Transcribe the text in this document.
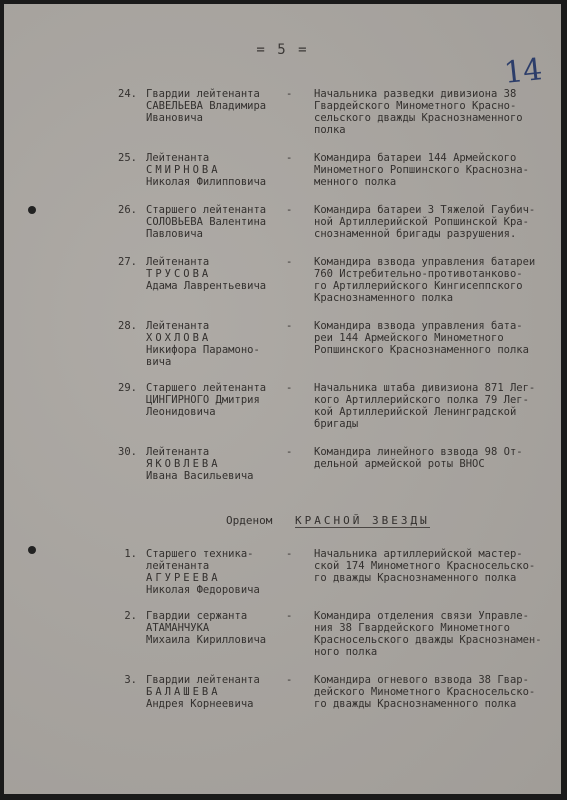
= 5 =
14
24. Гвардии лейтенанта
САВЕЛЬЕВА Владимира
Ивановича
- Начальника разведки дивизиона 38
Гвардейского Минометного Красно-
сельского дважды Краснознаменного
полка
25. Лейтенанта
СМИРНОВА
Николая Филипповича
- Командира батареи 144 Армейского
Минометного Ропшинского Краснозна-
менного полка
26. Старшего лейтенанта
СОЛОВЬЕВА Валентина
Павловича
- Командира батареи 3 Тяжелой Гаубич-
ной Артиллерийской Ропшинской Кра-
снознаменной бригады разрушения.
27. Лейтенанта
ТРУСОВА
Адама Лаврентьевича
- Командира взвода управления батареи
760 Истребительно-противотанково-
го Артиллерийского Кингисеппского
Краснознаменного полка
28. Лейтенанта
ХОХЛОВА
Никифора Парамоно-
вича
- Командира взвода управления бата-
реи 144 Армейского Минометного
Ропшинского Краснознаменного полка
29. Старшего лейтенанта
ЦИНГИРНОГО Дмитрия
Леонидовича
- Начальника штаба дивизиона 871 Лег-
кого Артиллерийского полка 79 Лег-
кой Артиллерийской Ленинградской
бригады
30. Лейтенанта
ЯКОВЛЕВА
Ивана Васильевича
- Командира линейного взвода 98 От-
дельной армейской роты ВНОС
Орденом КРАСНОЙ ЗВЕЗДЫ
1. Старшего техника-
лейтенанта
АГУРЕЕВА
Николая Федоровича
- Начальника артиллерийской мастер-
ской 174 Минометного Красносельско-
го дважды Краснознаменного полка
2. Гвардии сержанта
АТАМАНЧУКА
Михаила Кирилловича
- Командира отделения связи Управле-
ния 38 Гвардейского Минометного
Красносельского дважды Краснознамен-
ного полка
3. Гвардии лейтенанта
БАЛАШЕВА
Андрея Корнеевича
- Командира огневого взвода 38 Гвар-
дейского Минометного Красносельско-
го дважды Краснознаменного полка
